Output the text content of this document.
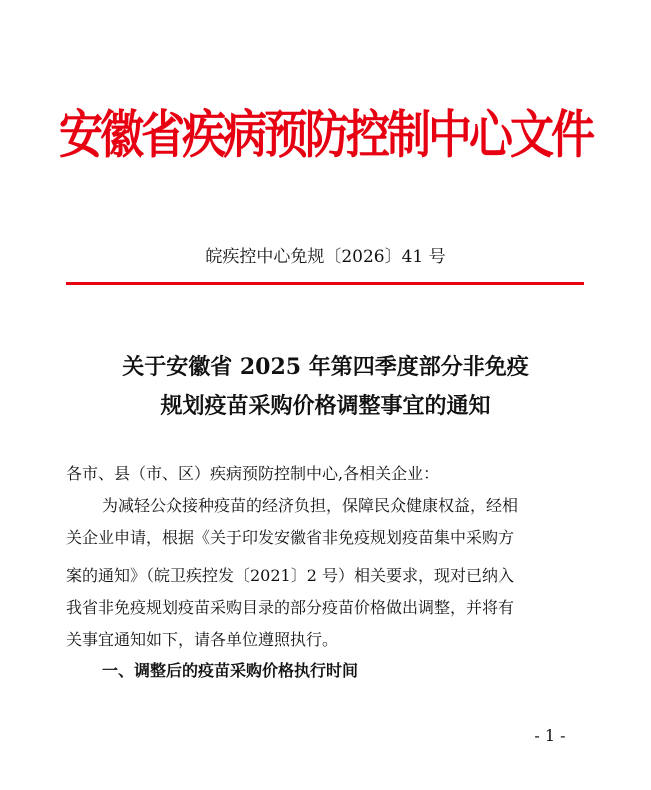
安徽省疾病预防控制中心文件
皖疾控中心免规〔2026〕41 号
关于安徽省 2025 年第四季度部分非免疫
规划疫苗采购价格调整事宜的通知
各市、县（市、区）疾病预防控制中心,各相关企业：
为减轻公众接种疫苗的经济负担，保障民众健康权益，经相
关企业申请，根据《关于印发安徽省非免疫规划疫苗集中采购方
案的通知》（皖卫疾控发〔2021〕2 号）相关要求，现对已纳入
我省非免疫规划疫苗采购目录的部分疫苗价格做出调整，并将有
关事宜通知如下，请各单位遵照执行。
一、调整后的疫苗采购价格执行时间
- 1 -
